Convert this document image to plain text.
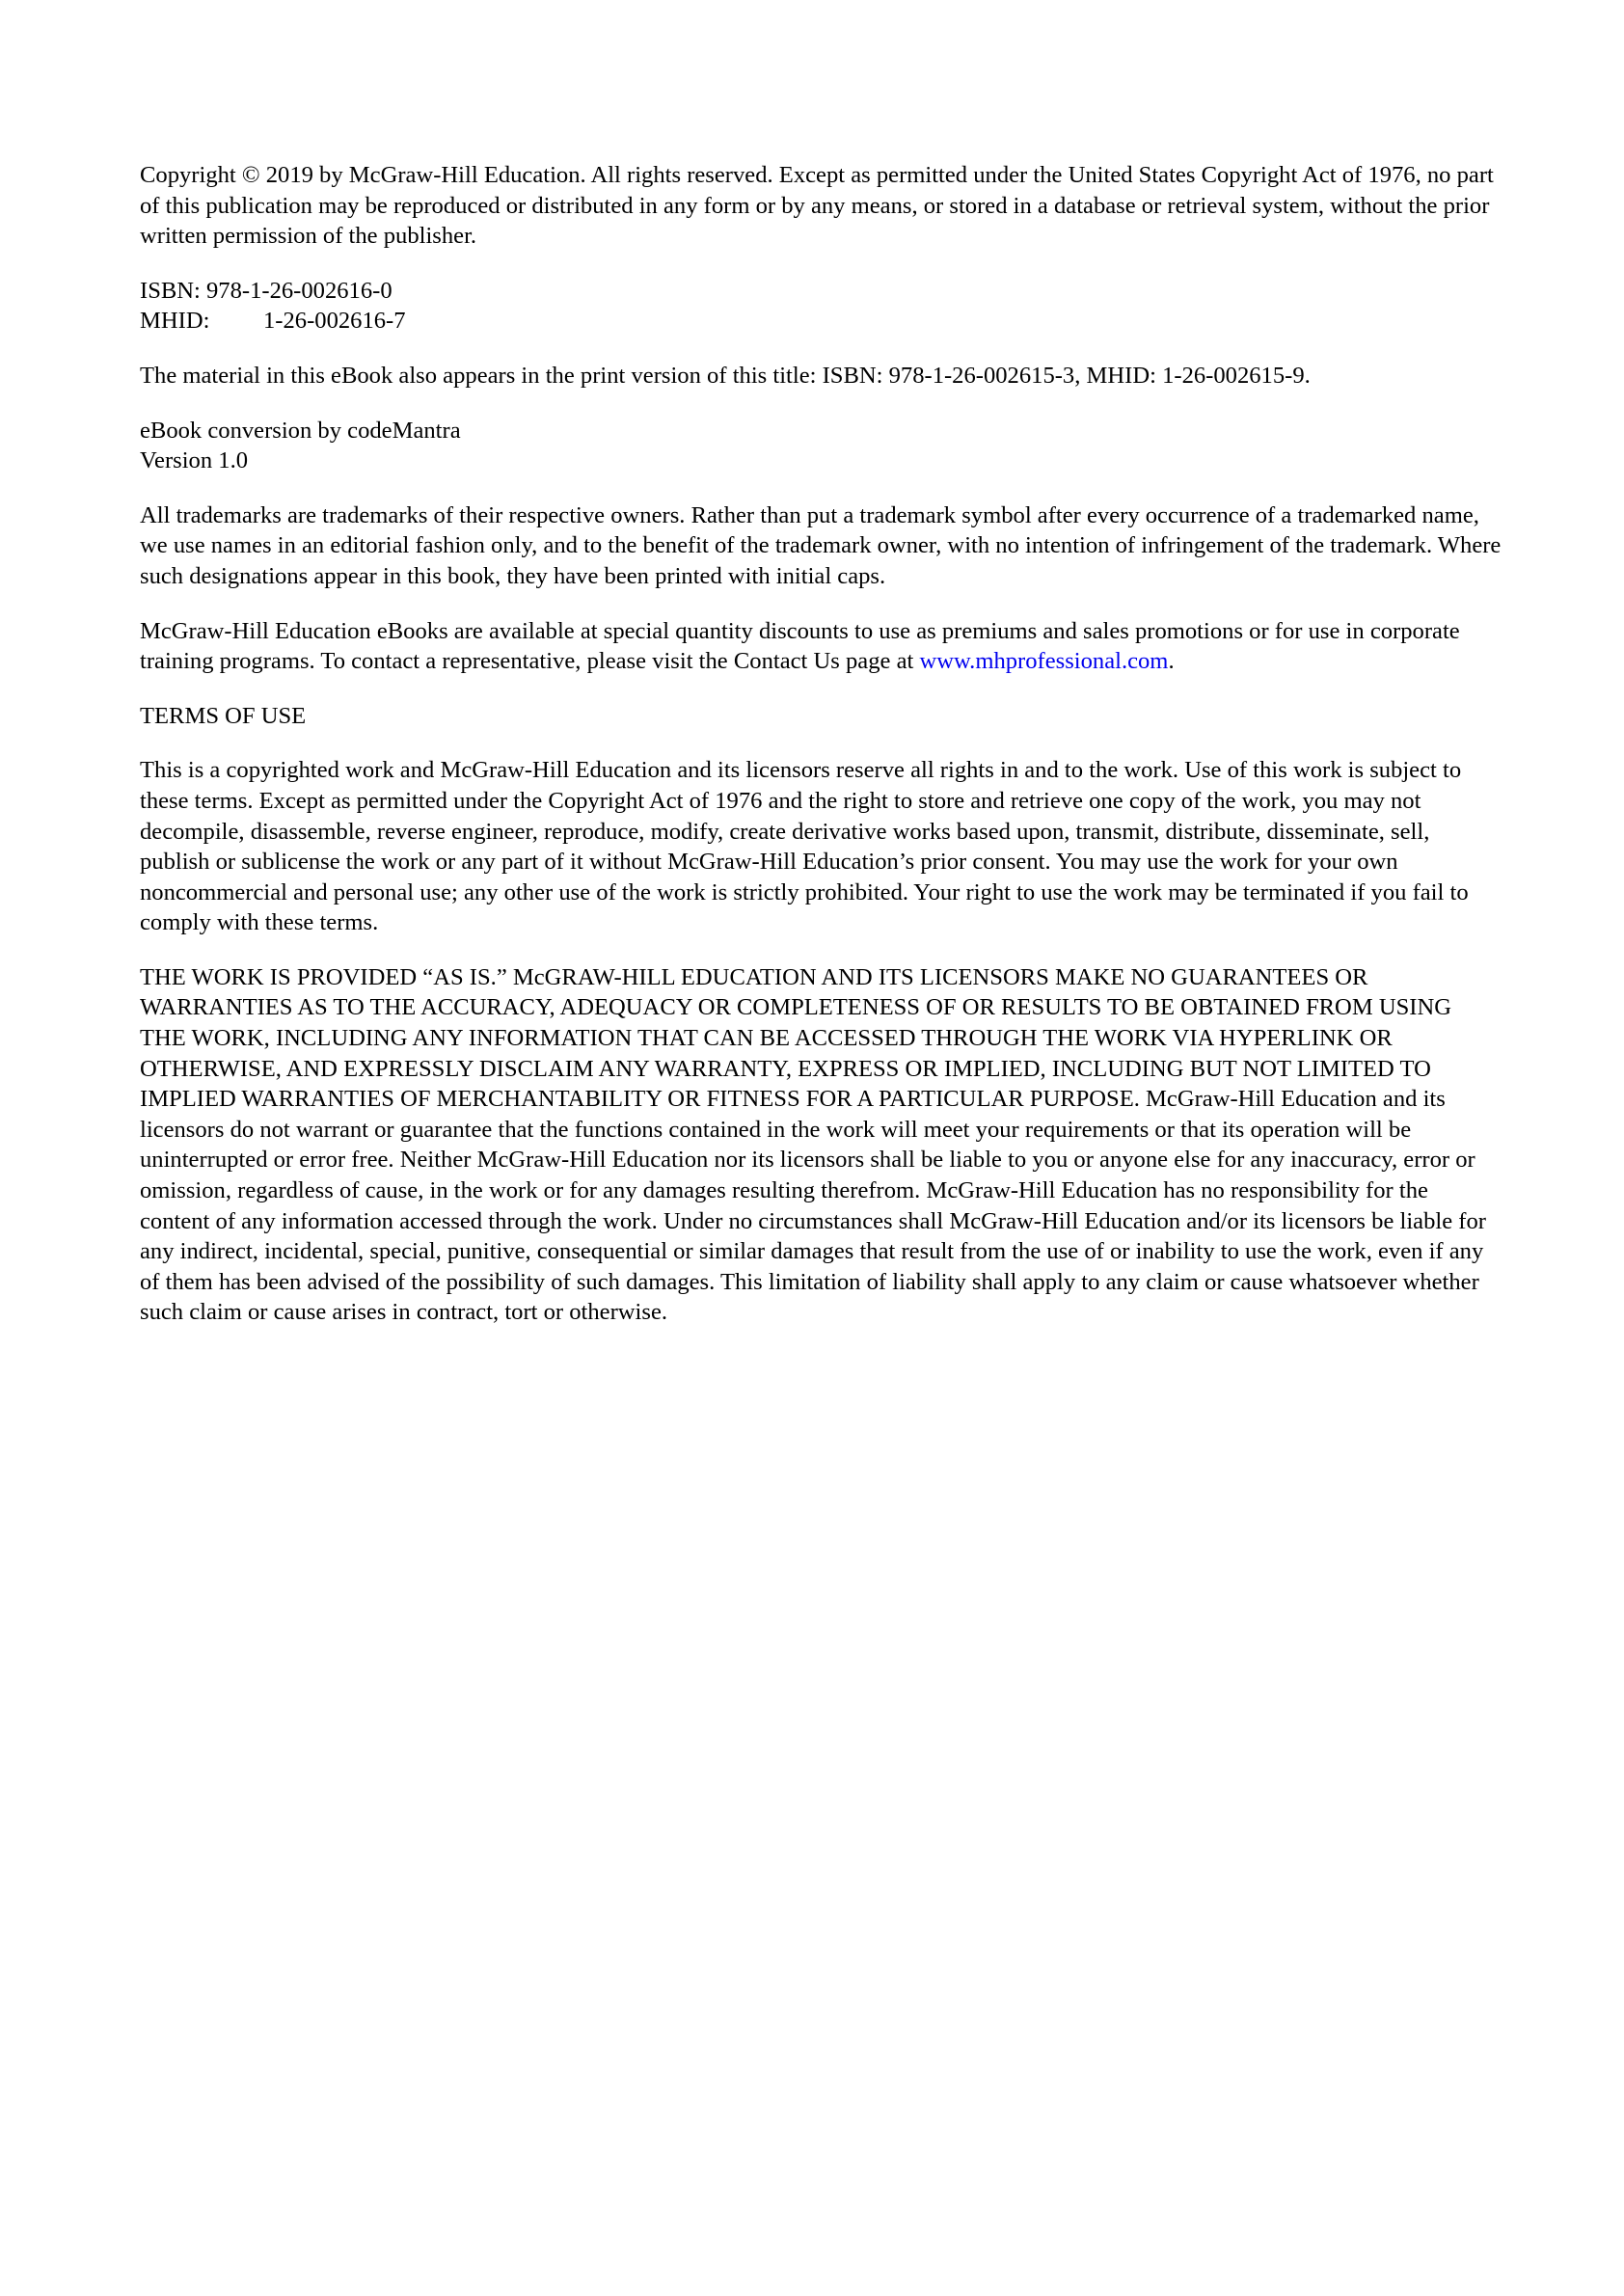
Copyright © 2019 by McGraw-Hill Education. All rights reserved. Except as permitted under the United States Copyright Act of 1976, no part of this publication may be reproduced or distributed in any form or by any means, or stored in a database or retrieval system, without the prior written permission of the publisher.

ISBN: 978-1-26-002616-0
MHID: 1-26-002616-7

The material in this eBook also appears in the print version of this title: ISBN: 978-1-26-002615-3, MHID: 1-26-002615-9.

eBook conversion by codeMantra
Version 1.0

All trademarks are trademarks of their respective owners. Rather than put a trademark symbol after every occurrence of a trademarked name, we use names in an editorial fashion only, and to the benefit of the trademark owner, with no intention of infringement of the trademark. Where such designations appear in this book, they have been printed with initial caps.

McGraw-Hill Education eBooks are available at special quantity discounts to use as premiums and sales promotions or for use in corporate training programs. To contact a representative, please visit the Contact Us page at www.mhprofessional.com.

TERMS OF USE

This is a copyrighted work and McGraw-Hill Education and its licensors reserve all rights in and to the work. Use of this work is subject to these terms. Except as permitted under the Copyright Act of 1976 and the right to store and retrieve one copy of the work, you may not decompile, disassemble, reverse engineer, reproduce, modify, create derivative works based upon, transmit, distribute, disseminate, sell, publish or sublicense the work or any part of it without McGraw-Hill Education’s prior consent. You may use the work for your own noncommercial and personal use; any other use of the work is strictly prohibited. Your right to use the work may be terminated if you fail to comply with these terms.

THE WORK IS PROVIDED “AS IS.” McGRAW-HILL EDUCATION AND ITS LICENSORS MAKE NO GUARANTEES OR WARRANTIES AS TO THE ACCURACY, ADEQUACY OR COMPLETENESS OF OR RESULTS TO BE OBTAINED FROM USING THE WORK, INCLUDING ANY INFORMATION THAT CAN BE ACCESSED THROUGH THE WORK VIA HYPERLINK OR OTHERWISE, AND EXPRESSLY DISCLAIM ANY WARRANTY, EXPRESS OR IMPLIED, INCLUDING BUT NOT LIMITED TO IMPLIED WARRANTIES OF MERCHANTABILITY OR FITNESS FOR A PARTICULAR PURPOSE. McGraw-Hill Education and its licensors do not warrant or guarantee that the functions contained in the work will meet your requirements or that its operation will be uninterrupted or error free. Neither McGraw-Hill Education nor its licensors shall be liable to you or anyone else for any inaccuracy, error or omission, regardless of cause, in the work or for any damages resulting therefrom. McGraw-Hill Education has no responsibility for the content of any information accessed through the work. Under no circumstances shall McGraw-Hill Education and/or its licensors be liable for any indirect, incidental, special, punitive, consequential or similar damages that result from the use of or inability to use the work, even if any of them has been advised of the possibility of such damages. This limitation of liability shall apply to any claim or cause whatsoever whether such claim or cause arises in contract, tort or otherwise.
